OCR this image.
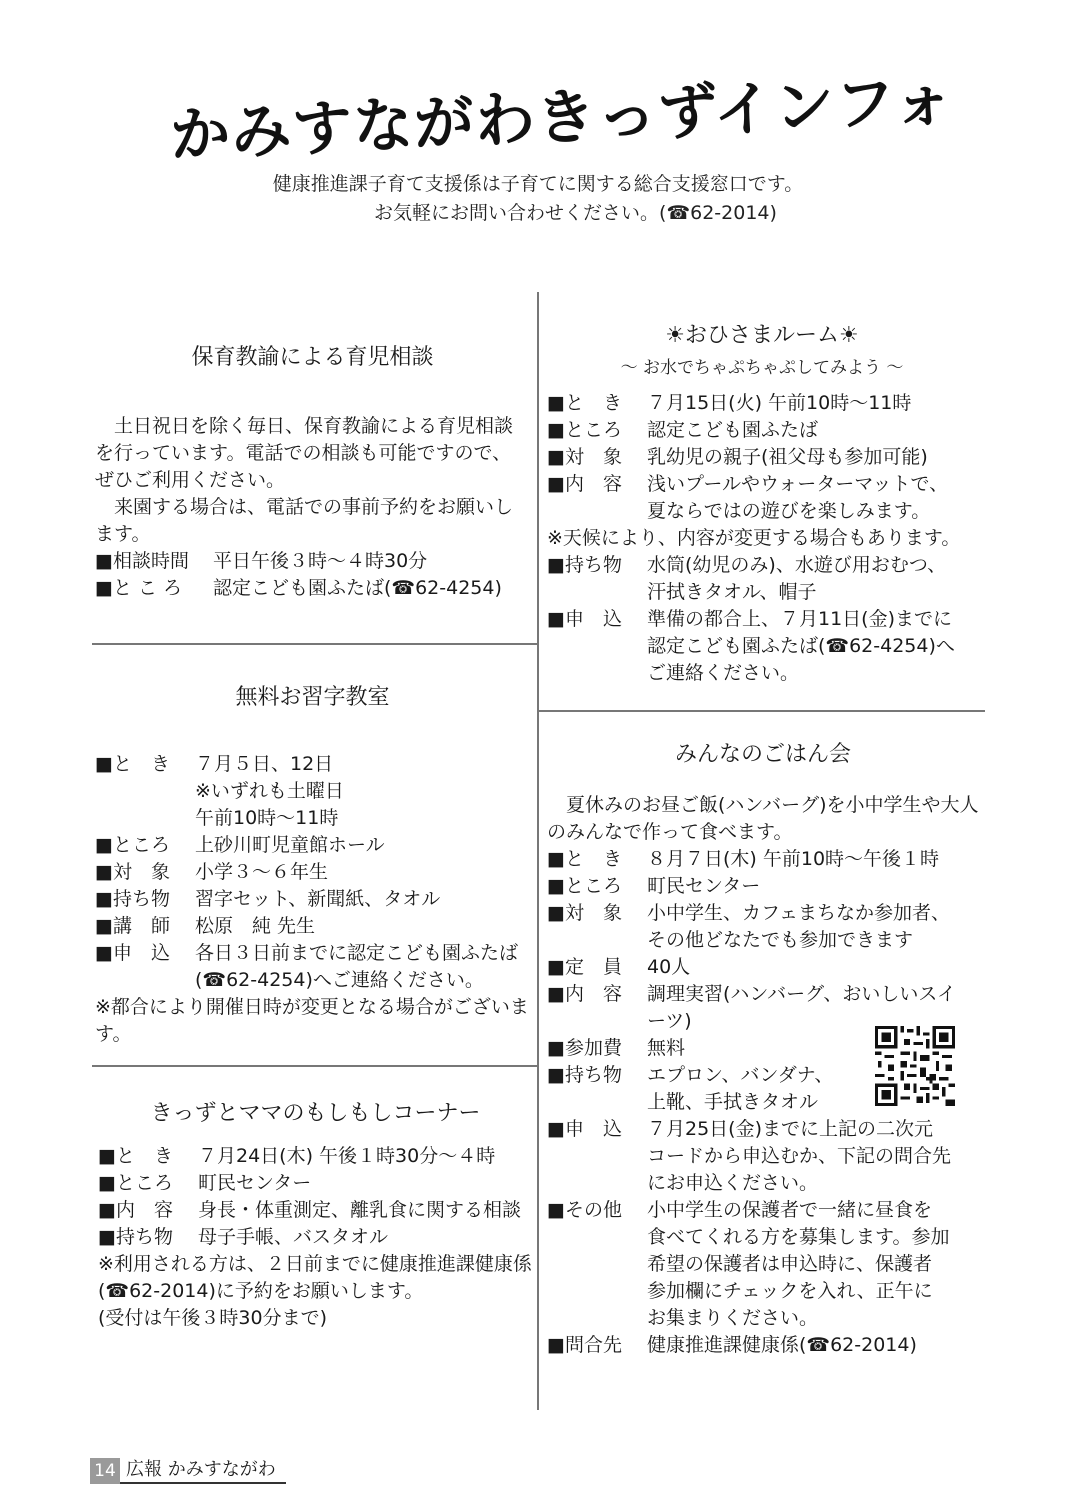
かみすながわきっずインフォ
健康推進課子育て支援係は子育てに関する総合支援窓口です。
お気軽にお問い合わせください。(☎62-2014)
保育教諭による育児相談

土日祝日を除く毎日、保育教諭による育児相談を行っています。電話での相談も可能ですので、ぜひご利用ください。

来園する場合は、電話での事前予約をお願いします。

■相談時間	平日午後３時～４時30分
■と こ ろ	認定こども園ふたば(☎62-4254)
無料お習字教室
■と　き	７月５日、12日
※いずれも土曜日
午前10時～11時
■ところ	上砂川町児童館ホール
■対　象	小学３～６年生
■持ち物	習字セット、新聞紙、タオル
■講　師	松原　純 先生
■申　込	各日３日前までに認定こども園ふたば
(☎62-4254)へご連絡ください。

※都合により開催日時が変更となる場合がございます。

きっずとママのもしもしコーナー
■と　き	７月24日(木) 午後１時30分～４時
■ところ	町民センター
■内　容	身長・体重測定、離乳食に関する相談
■持ち物	母子手帳、バスタオル

※利用される方は、２日前までに健康推進課健康係(☎62-2014)に予約をお願いします。

(受付は午後３時30分まで)

☀おひさまルーム☀
～ お水でちゃぷちゃぷしてみよう ～
■と　き	７月15日(火) 午前10時～11時
■ところ	認定こども園ふたば
■対　象	乳幼児の親子(祖父母も参加可能)
■内　容	浅いプールやウォーターマットで、
夏ならではの遊びを楽しみます。

※天候により、内容が変更する場合もあります。

■持ち物	水筒(幼児のみ)、水遊び用おむつ、
汗拭きタオル、帽子
■申　込	準備の都合上、７月11日(金)までに
認定こども園ふたば(☎62-4254)へ
ご連絡ください。
みんなのごはん会

夏休みのお昼ご飯(ハンバーグ)を小中学生や大人のみんなで作って食べます。

■と　き	８月７日(木) 午前10時～午後１時
■ところ	町民センター
■対　象	小中学生、カフェまちなか参加者、
その他どなたでも参加できます
■定　員	40人
■内　容	調理実習(ハンバーグ、おいしいスイ
ーツ)
■参加費	無料
■持ち物	エプロン、バンダナ、
上靴、手拭きタオル
■申　込	７月25日(金)までに上記の二次元
コードから申込むか、下記の問合先
にお申込ください。
■その他	小中学生の保護者で一緒に昼食を
食べてくれる方を募集します。参加
希望の保護者は申込時に、保護者
参加欄にチェックを入れ、正午に
お集まりください。
■問合先	健康推進課健康係(☎62-2014)
14 広報 かみすながわ
